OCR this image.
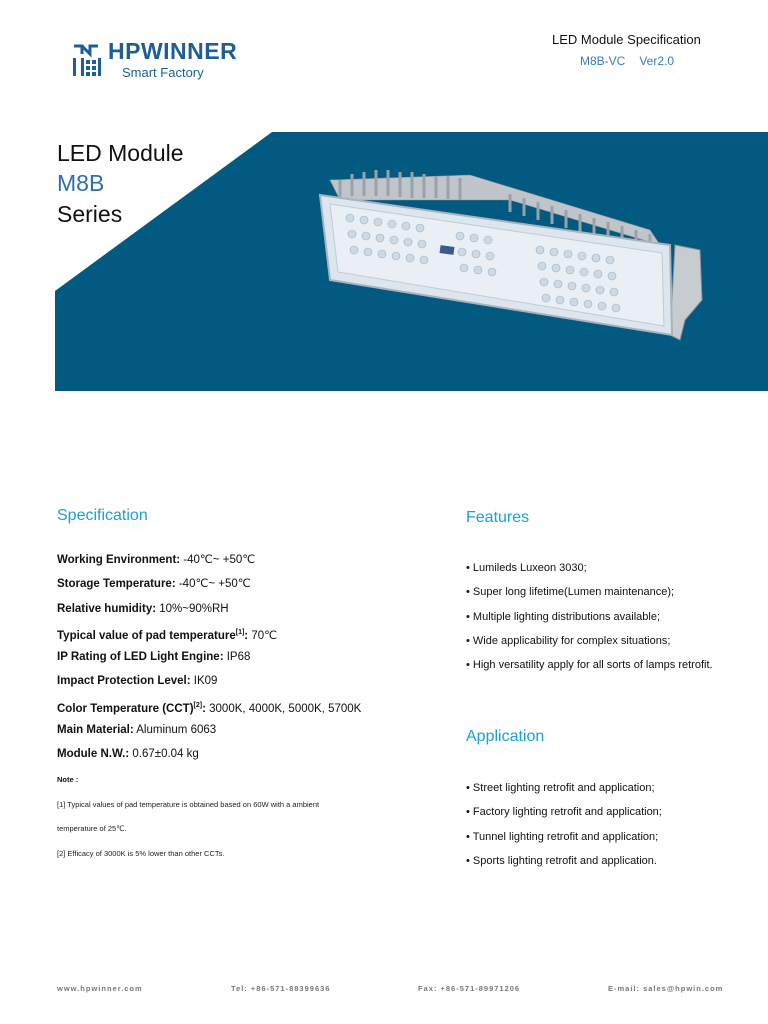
HPWINNER
Smart Factory
LED Module Specification
M8B-VC Ver2.0
LED Module
M8B
Series
Specification
Working Environment: -40℃~ +50℃
Storage Temperature: -40℃~ +50℃
Relative humidity: 10%~90%RH
Typical value of pad temperature[1]: 70℃
IP Rating of LED Light Engine: IP68
Impact Protection Level: IK09
Color Temperature (CCT)[2]: 3000K, 4000K, 5000K, 5700K
Main Material: Aluminum 6063
Module N.W.: 0.67±0.04 kg
Note :
[1] Typical values of pad temperature is obtained based on 60W with a ambient
temperature of 25℃.
[2] Efficacy of 3000K is 5% lower than other CCTs.
Features
• Lumileds Luxeon 3030;
• Super long lifetime(Lumen maintenance);
• Multiple lighting distributions available;
• Wide applicability for complex situations;
• High versatility apply for all sorts of lamps retrofit.
Application
• Street lighting retrofit and application;
• Factory lighting retrofit and application;
• Tunnel lighting retrofit and application;
• Sports lighting retrofit and application.
www.hpwinner.com	Tel: +86-571-88399636	Fax: +86-571-89971206	E-mail: sales@hpwin.com
